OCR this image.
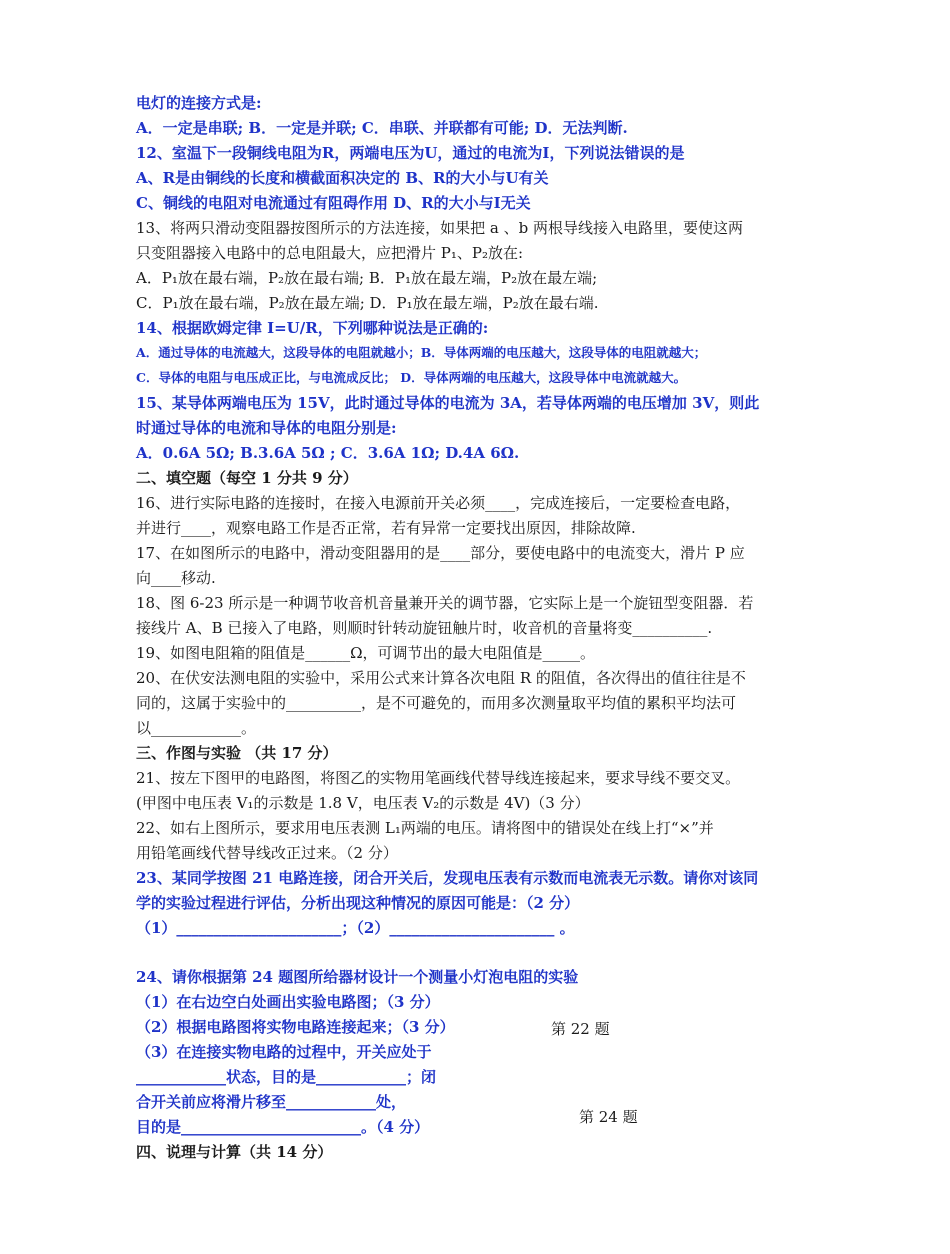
电灯的连接方式是:
A．一定是串联; B．一定是并联; C．串联、并联都有可能; D．无法判断.
12、室温下一段铜线电阻为R，两端电压为U，通过的电流为I，下列说法错误的是
A、R是由铜线的长度和横截面积决定的 B、R的大小与U有关
C、铜线的电阻对电流通过有阻碍作用 D、R的大小与I无关
13、将两只滑动变阻器按图所示的方法连接，如果把 a 、b 两根导线接入电路里，要使这两
只变阻器接入电路中的总电阻最大，应把滑片 P₁、P₂放在:
A．P₁放在最右端，P₂放在最右端; B．P₁放在最左端，P₂放在最左端;
C．P₁放在最右端，P₂放在最左端; D．P₁放在最左端，P₂放在最右端.
14、根据欧姆定律 I=U/R，下列哪种说法是正确的:
A．通过导体的电流越大，这段导体的电阻就越小；B．导体两端的电压越大，这段导体的电阻就越大；
C．导体的电阻与电压成正比，与电流成反比； D．导体两端的电压越大，这段导体中电流就越大。
15、某导体两端电压为 15V，此时通过导体的电流为 3A，若导体两端的电压增加 3V，则此
时通过导体的电流和导体的电阻分别是:
A．0.6A 5Ω; B.3.6A 5Ω ; C．3.6A 1Ω; D.4A 6Ω.
二、填空题（每空 1 分共 9 分）
16、进行实际电路的连接时，在接入电源前开关必须____，完成连接后，一定要检查电路，
并进行____，观察电路工作是否正常，若有异常一定要找出原因，排除故障.
17、在如图所示的电路中，滑动变阻器用的是____部分，要使电路中的电流变大，滑片 P 应
向____移动.
18、图 6-23 所示是一种调节收音机音量兼开关的调节器，它实际上是一个旋钮型变阻器．若
接线片 A、B 已接入了电路，则顺时针转动旋钮触片时，收音机的音量将变__________.
19、如图电阻箱的阻值是______Ω，可调节出的最大电阻值是_____。
20、在伏安法测电阻的实验中，采用公式来计算各次电阻 R 的阻值，各次得出的值往往是不
同的，这属于实验中的__________，是不可避免的，而用多次测量取平均值的累积平均法可
以____________。
三、作图与实验 （共 17 分）
21、按左下图甲的电路图，将图乙的实物用笔画线代替导线连接起来，要求导线不要交叉。
(甲图中电压表 V₁的示数是 1.8 V，电压表 V₂的示数是 4V)（3 分）
22、如右上图所示，要求用电压表测 L₁两端的电压。请将图中的错误处在线上打“×”并
用铅笔画线代替导线改正过来。（2 分）
23、某同学按图 21 电路连接，闭合开关后，发现电压表有示数而电流表无示数。请你对该同
学的实验过程进行评估，分析出现这种情况的原因可能是：（2 分）
（1）______________________；（2）______________________ 。
24、请你根据第 24 题图所给器材设计一个测量小灯泡电阻的实验
（1）在右边空白处画出实验电路图；（3 分）
（2）根据电路图将实物电路连接起来；（3 分）
（3）在连接实物电路的过程中，开关应处于
____________状态，目的是____________；闭
合开关前应将滑片移至____________处，
目的是________________________。（4 分）
四、说理与计算（共 14 分）
第 22 题
第 24 题
